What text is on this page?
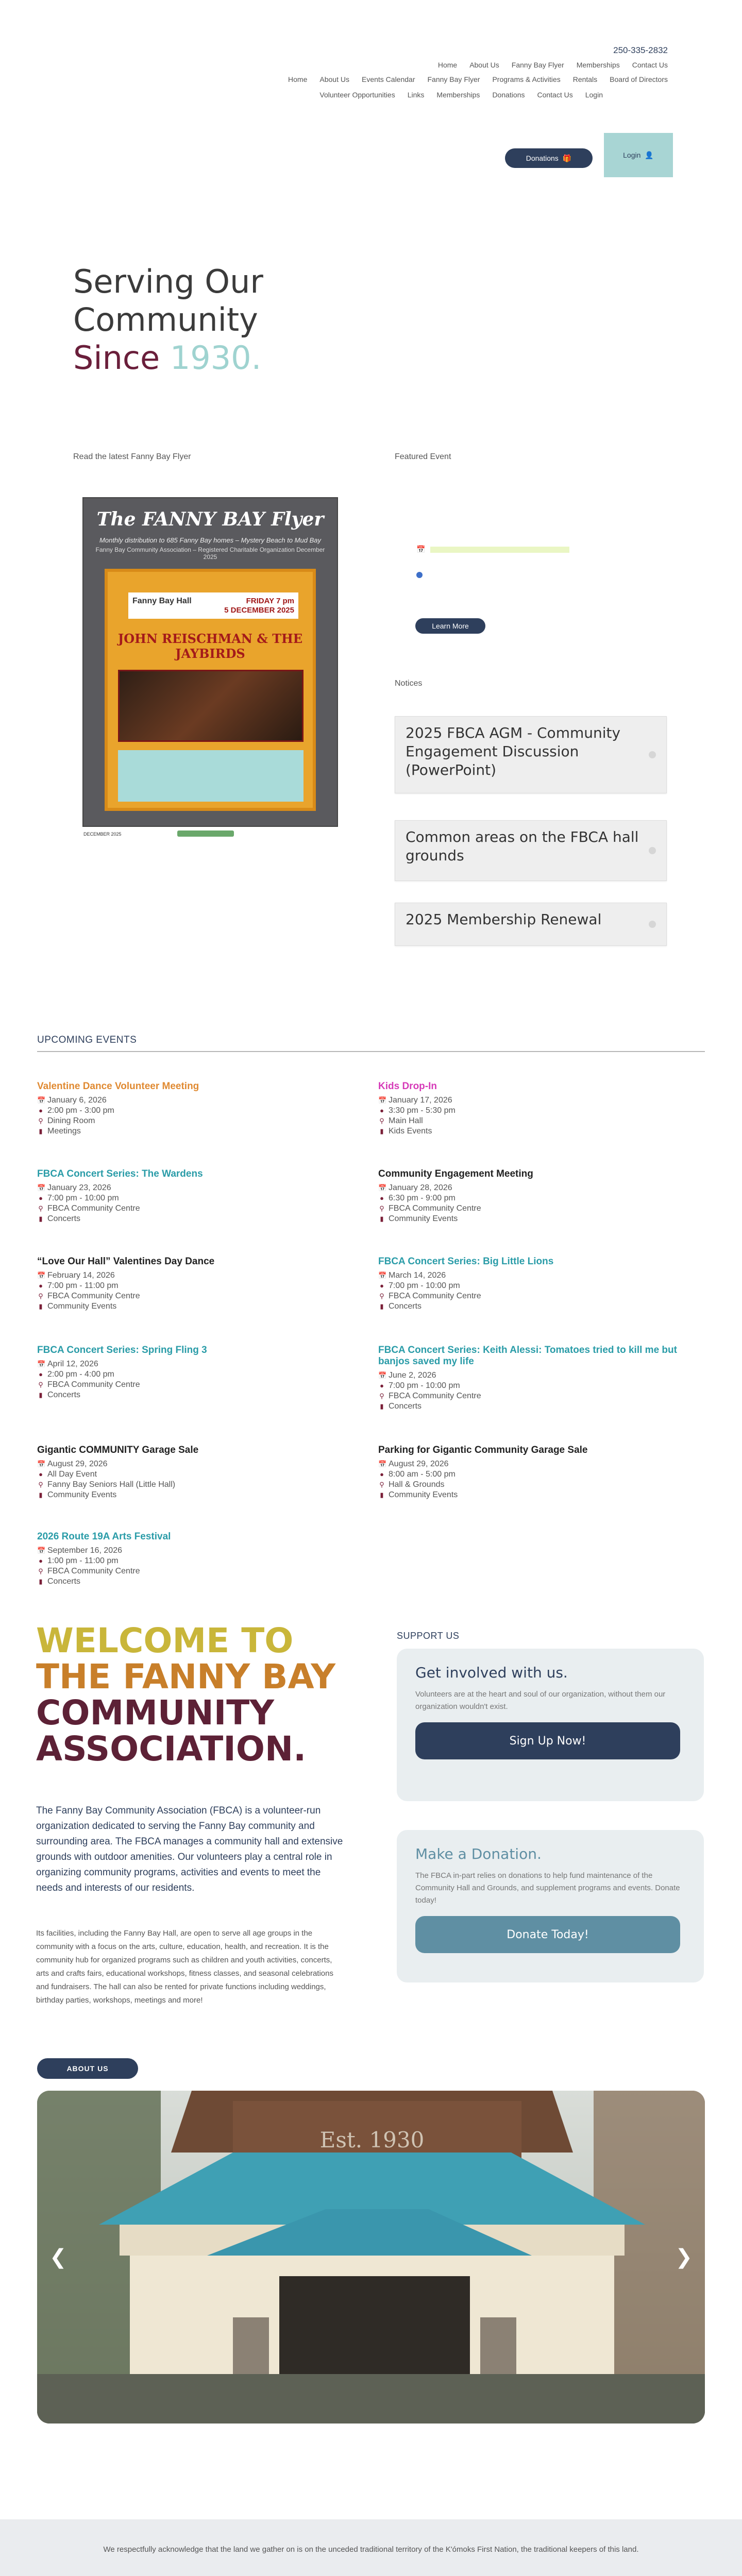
250-335-2832
Home About Us Fanny Bay Flyer Memberships Contact Us
Home About Us Events Calendar Fanny Bay Flyer Programs & Activities Rentals Board of Directors
Volunteer Opportunities Links Memberships Donations Contact Us Login
Donations 🎁	Login 👤
Serving Our
Community
Since 1930.
Read the latest Fanny Bay Flyer
The FANNY BAY Flyer
Monthly distribution to 685 Fanny Bay homes – Mystery Beach to Mud Bay
Fanny Bay Community Association – Registered Charitable Organization December 2025
Fanny Bay Hall	FRIDAY 7 pm
5 DECEMBER 2025
JOHN REISCHMAN & THE JAYBIRDS
DECEMBER 2025
Featured Event
📅
Learn More
Notices
2025 FBCA AGM - Community Engagement Discussion (PowerPoint)
Common areas on the FBCA hall grounds
2025 Membership Renewal
UPCOMING EVENTS
Valentine Dance Volunteer Meeting
📅 January 6, 2026
● 2:00 pm - 3:00 pm
⚲ Dining Room
▮ Meetings
Kids Drop-In
📅 January 17, 2026
● 3:30 pm - 5:30 pm
⚲ Main Hall
▮ Kids Events
FBCA Concert Series: The Wardens
📅 January 23, 2026
● 7:00 pm - 10:00 pm
⚲ FBCA Community Centre
▮ Concerts
Community Engagement Meeting
📅 January 28, 2026
● 6:30 pm - 9:00 pm
⚲ FBCA Community Centre
▮ Community Events
“Love Our Hall” Valentines Day Dance
📅 February 14, 2026
● 7:00 pm - 11:00 pm
⚲ FBCA Community Centre
▮ Community Events
FBCA Concert Series: Big Little Lions
📅 March 14, 2026
● 7:00 pm - 10:00 pm
⚲ FBCA Community Centre
▮ Concerts
FBCA Concert Series: Spring Fling 3
📅 April 12, 2026
● 2:00 pm - 4:00 pm
⚲ FBCA Community Centre
▮ Concerts
FBCA Concert Series: Keith Alessi: Tomatoes tried to kill me but banjos saved my life
📅 June 2, 2026
● 7:00 pm - 10:00 pm
⚲ FBCA Community Centre
▮ Concerts
Gigantic COMMUNITY Garage Sale
📅 August 29, 2026
● All Day Event
⚲ Fanny Bay Seniors Hall (Little Hall)
▮ Community Events
Parking for Gigantic Community Garage Sale
📅 August 29, 2026
● 8:00 am - 5:00 pm
⚲ Hall & Grounds
▮ Community Events
2026 Route 19A Arts Festival
📅 September 16, 2026
● 1:00 pm - 11:00 pm
⚲ FBCA Community Centre
▮ Concerts
WELCOME TO
THE FANNY BAY
COMMUNITY
ASSOCIATION.

The Fanny Bay Community Association (FBCA) is a volunteer-run organization dedicated to serving the Fanny Bay community and surrounding area. The FBCA manages a community hall and extensive grounds with outdoor amenities. Our volunteers play a central role in organizing community programs, activities and events to meet the needs and interests of our residents.

Its facilities, including the Fanny Bay Hall, are open to serve all age groups in the community with a focus on the arts, culture, education, health, and recreation. It is the community hub for organized programs such as children and youth activities, concerts, arts and crafts fairs, educational workshops, fitness classes, and seasonal celebrations and fundraisers. The hall can also be rented for private functions including weddings, birthday parties, workshops, meetings and more!

ABOUT US
SUPPORT US
Get involved with us.

Volunteers are at the heart and soul of our organization, without them our organization wouldn't exist.

Sign Up Now!
Make a Donation.

The FBCA in-part relies on donations to help fund maintenance of the Community Hall and Grounds, and supplement programs and events. Donate today!

Donate Today!
Est. 1930
❮	❯

We respectfully acknowledge that the land we gather on is on the unceded traditional territory of the K'ómoks First Nation, the traditional keepers of this land.
